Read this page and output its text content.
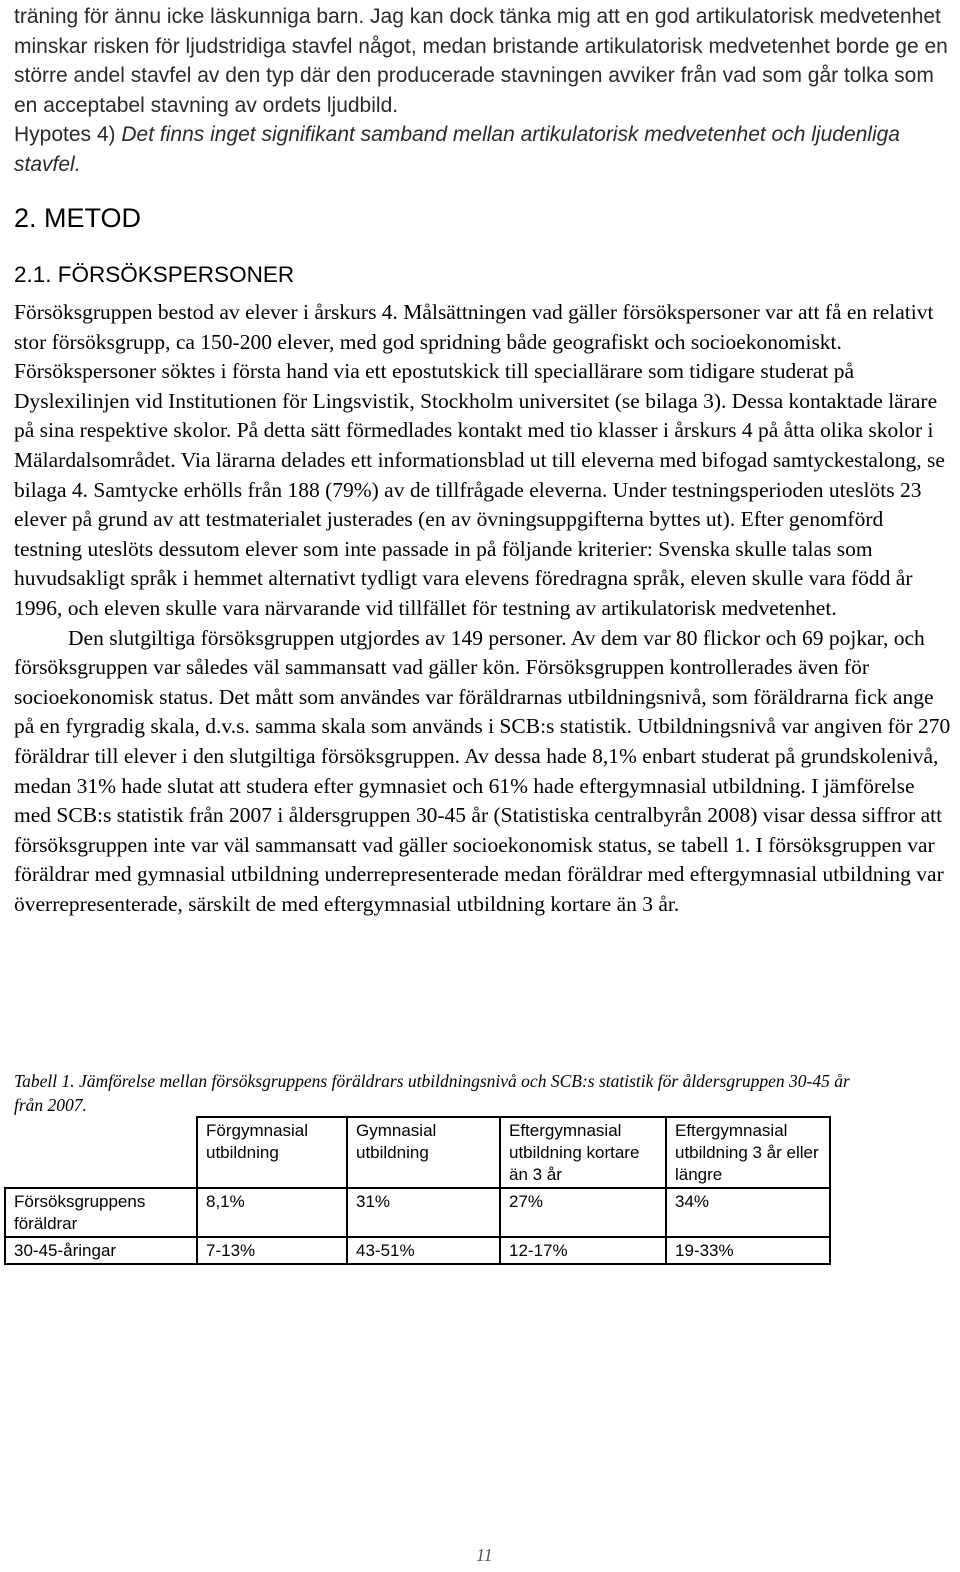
träning för ännu icke läskunniga barn. Jag kan dock tänka mig att en god artikulatorisk medvetenhet minskar risken för ljudstridiga stavfel något, medan bristande artikulatorisk medvetenhet borde ge en större andel stavfel av den typ där den producerade stavningen avviker från vad som går tolka som en acceptabel stavning av ordets ljudbild.

Hypotes 4) Det finns inget signifikant samband mellan artikulatorisk medvetenhet och ljudenliga stavfel.

2. METOD
2.1. FÖRSÖKSPERSONER

Försöksgruppen bestod av elever i årskurs 4. Målsättningen vad gäller försökspersoner var att få en relativt stor försöksgrupp, ca 150-200 elever, med god spridning både geografiskt och socioekonomiskt. Försökspersoner söktes i första hand via ett epostutskick till speciallärare som tidigare studerat på Dyslexilinjen vid Institutionen för Lingsvistik, Stockholm universitet (se bilaga 3). Dessa kontaktade lärare på sina respektive skolor. På detta sätt förmedlades kontakt med tio klasser i årskurs 4 på åtta olika skolor i Mälardalsområdet. Via lärarna delades ett informationsblad ut till eleverna med bifogad samtyckestalong, se bilaga 4. Samtycke erhölls från 188 (79%) av de tillfrågade eleverna. Under testningsperioden uteslöts 23 elever på grund av att testmaterialet justerades (en av övningsuppgifterna byttes ut). Efter genomförd testning uteslöts dessutom elever som inte passade in på följande kriterier: Svenska skulle talas som huvudsakligt språk i hemmet alternativt tydligt vara elevens föredragna språk, eleven skulle vara född år 1996, och eleven skulle vara närvarande vid tillfället för testning av artikulatorisk medvetenhet.

Den slutgiltiga försöksgruppen utgjordes av 149 personer. Av dem var 80 flickor och 69 pojkar, och försöksgruppen var således väl sammansatt vad gäller kön. Försöksgruppen kontrollerades även för socioekonomisk status. Det mått som användes var föräldrarnas utbildningsnivå, som föräldrarna fick ange på en fyrgradig skala, d.v.s. samma skala som används i SCB:s statistik. Utbildningsnivå var angiven för 270 föräldrar till elever i den slutgiltiga försöksgruppen. Av dessa hade 8,1% enbart studerat på grundskolenivå, medan 31% hade slutat att studera efter gymnasiet och 61% hade eftergymnasial utbildning. I jämförelse med SCB:s statistik från 2007 i åldersgruppen 30-45 år (Statistiska centralbyrån 2008) visar dessa siffror att försöksgruppen inte var väl sammansatt vad gäller socioekonomisk status, se tabell 1. I försöksgruppen var föräldrar med gymnasial utbildning underrepresenterade medan föräldrar med eftergymnasial utbildning var överrepresenterade, särskilt de med eftergymnasial utbildning kortare än 3 år.

Tabell 1. Jämförelse mellan försöksgruppens föräldrars utbildningsnivå och SCB:s statistik för åldersgruppen 30-45 år från 2007.
	Förgymnasial utbildning	Gymnasial utbildning	Eftergymnasial utbildning kortare än 3 år	Eftergymnasial utbildning 3 år eller längre
Försöksgruppens föräldrar	8,1%	31%	27%	34%
30-45-åringar	7-13%	43-51%	12-17%	19-33%
11
